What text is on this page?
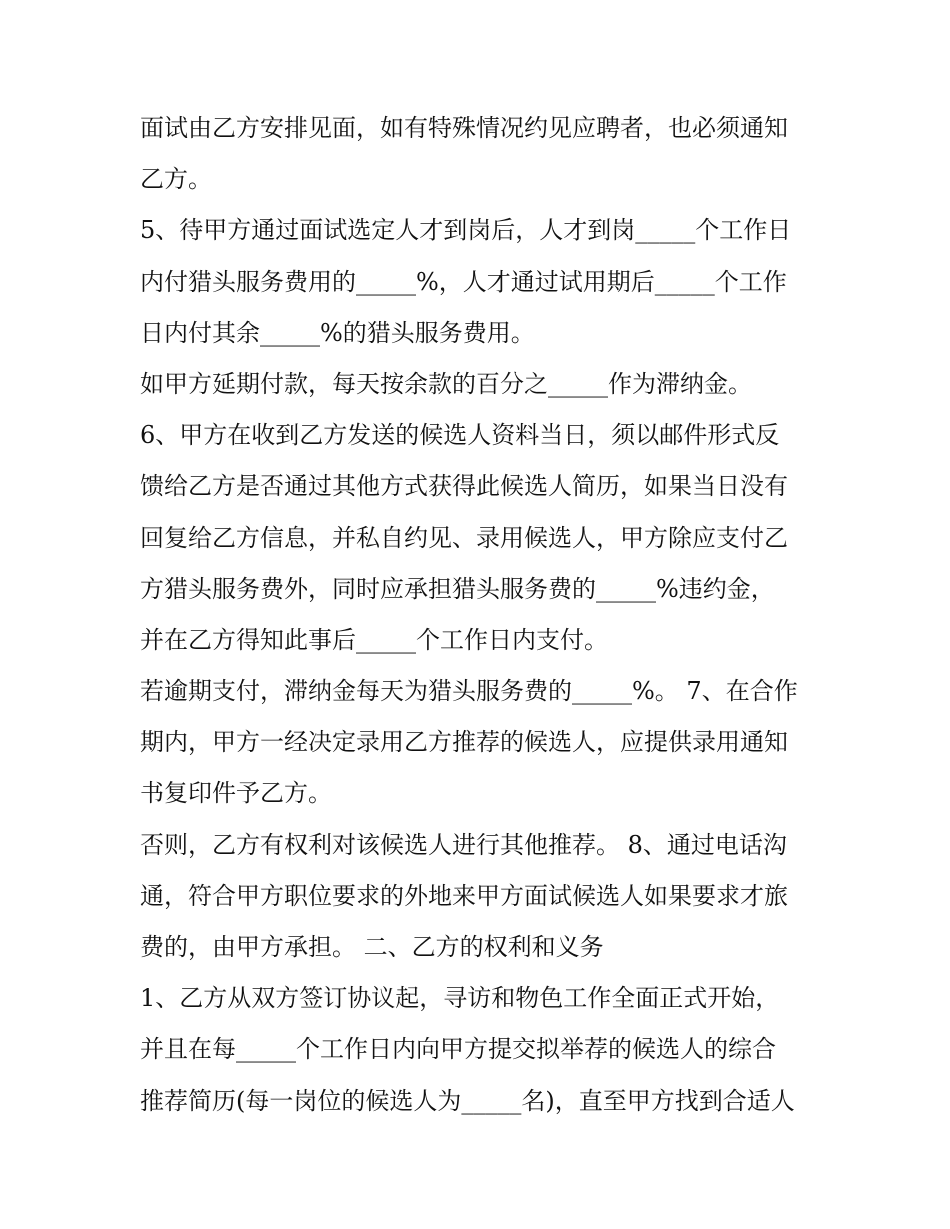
面试由乙方安排见面，如有特殊情况约见应聘者，也必须通知
乙方。
5、待甲方通过面试选定人才到岗后，人才到岗_____个工作日
内付猎头服务费用的_____%，人才通过试用期后_____个工作
日内付其余_____%的猎头服务费用。
如甲方延期付款，每天按余款的百分之_____作为滞纳金。
6、甲方在收到乙方发送的候选人资料当日，须以邮件形式反
馈给乙方是否通过其他方式获得此候选人简历，如果当日没有
回复给乙方信息，并私自约见、录用候选人，甲方除应支付乙
方猎头服务费外，同时应承担猎头服务费的_____%违约金，
并在乙方得知此事后_____个工作日内支付。
若逾期支付，滞纳金每天为猎头服务费的_____%。 7、在合作
期内，甲方一经决定录用乙方推荐的候选人，应提供录用通知
书复印件予乙方。
否则，乙方有权利对该候选人进行其他推荐。 8、通过电话沟
通，符合甲方职位要求的外地来甲方面试候选人如果要求才旅
费的，由甲方承担。 二、乙方的权利和义务
1、乙方从双方签订协议起，寻访和物色工作全面正式开始，
并且在每_____个工作日内向甲方提交拟举荐的候选人的综合
推荐简历(每一岗位的候选人为_____名)，直至甲方找到合适人
